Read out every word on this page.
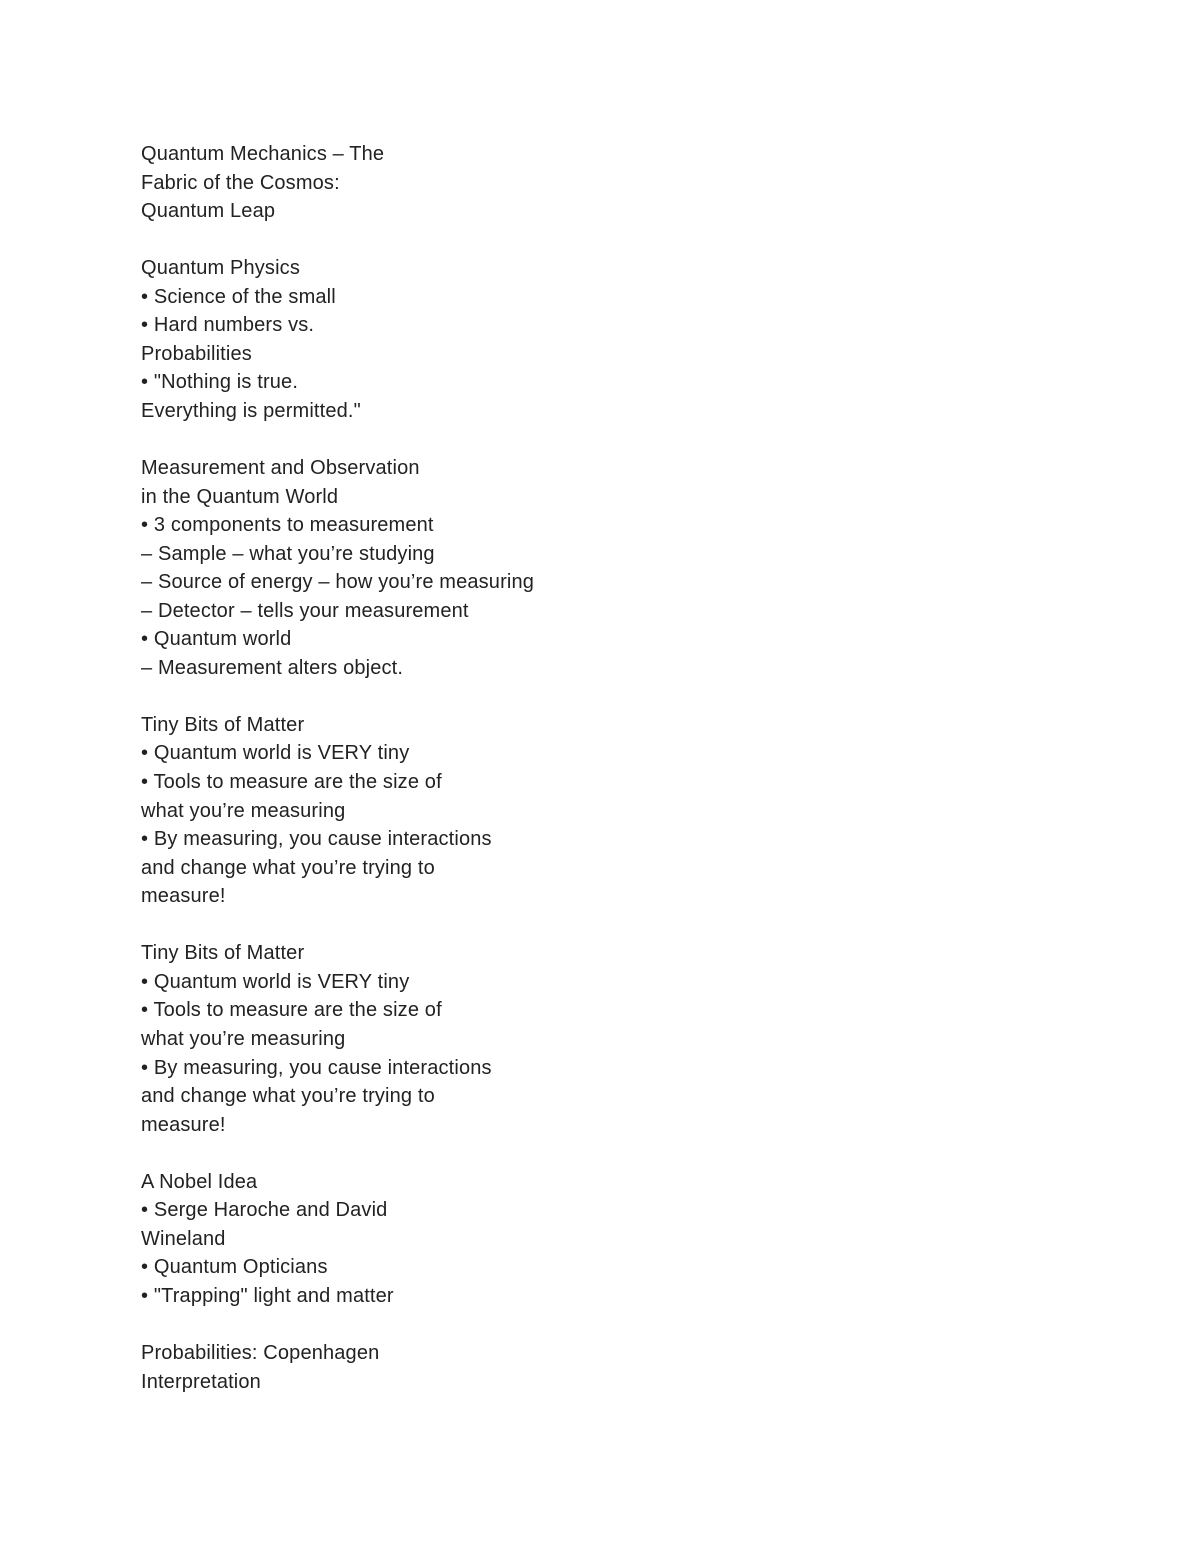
Quantum Mechanics – The
Fabric of the Cosmos:
Quantum Leap
Quantum Physics
• Science of the small
• Hard numbers vs.
Probabilities
• "Nothing is true.
Everything is permitted."
Measurement and Observation
in the Quantum World
• 3 components to measurement
– Sample – what you’re studying
– Source of energy – how you’re measuring
– Detector – tells your measurement
• Quantum world
– Measurement alters object.
Tiny Bits of Matter
• Quantum world is VERY tiny
• Tools to measure are the size of
what you’re measuring
• By measuring, you cause interactions
and change what you’re trying to
measure!
Tiny Bits of Matter
• Quantum world is VERY tiny
• Tools to measure are the size of
what you’re measuring
• By measuring, you cause interactions
and change what you’re trying to
measure!
A Nobel Idea
• Serge Haroche and David
Wineland
• Quantum Opticians
• "Trapping" light and matter
Probabilities: Copenhagen
Interpretation
